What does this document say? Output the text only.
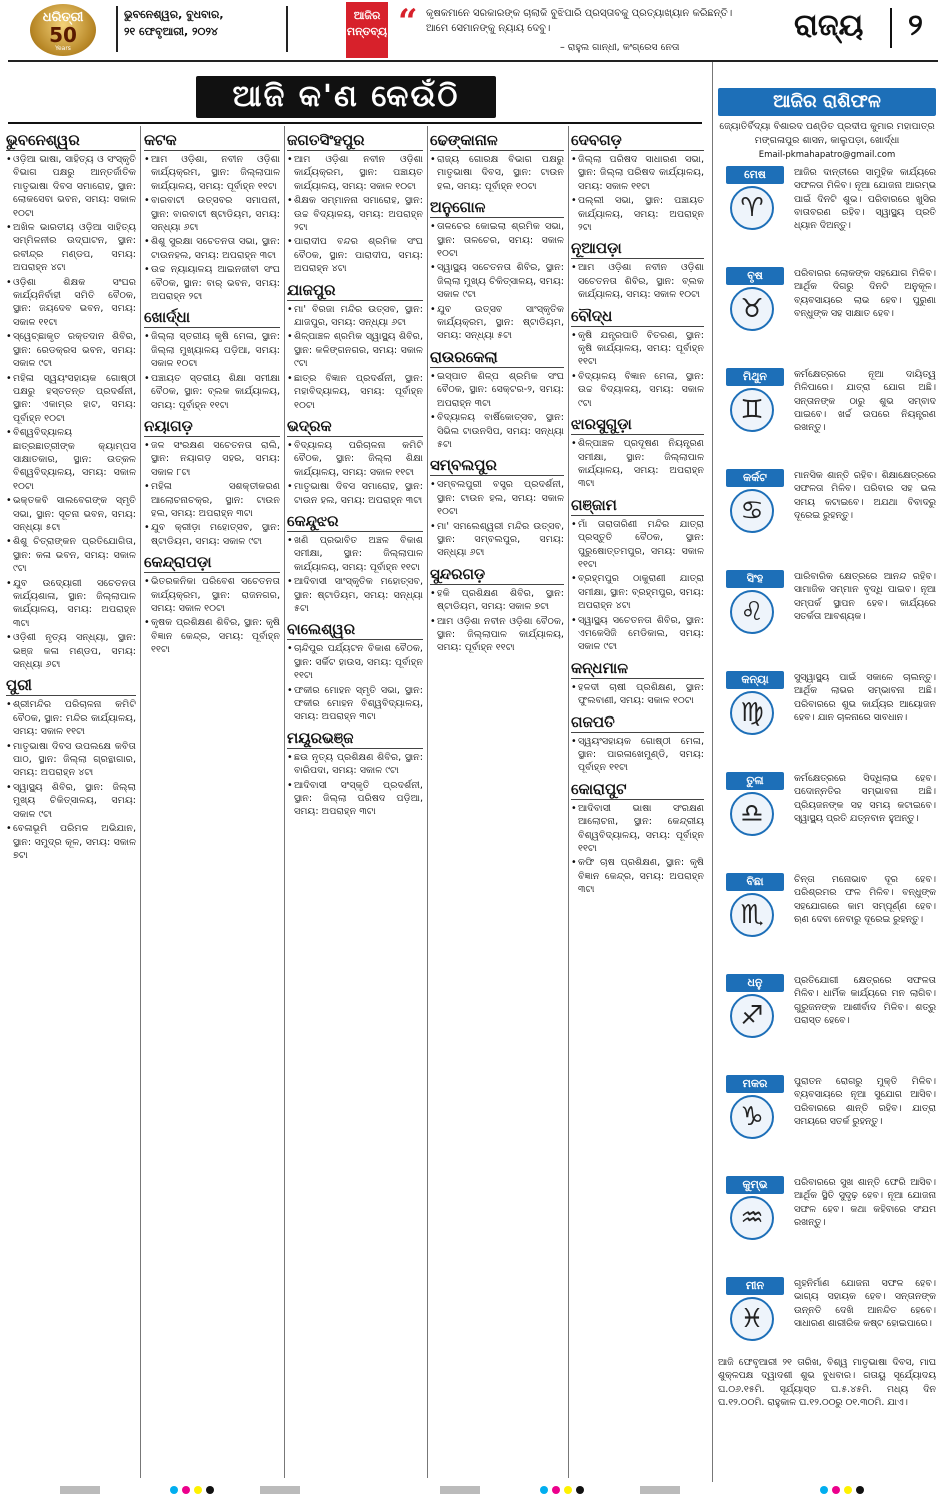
ଧରିତ୍ରୀ
50
Years
ଭୁବନେଶ୍ୱର, ବୁଧବାର,
୨୧ ଫେବୃଆରୀ, ୨୦୨୪
ଆଜିର
ମନ୍ତବ୍ୟ “ କୃଷକମାନେ ସରକାରଙ୍କ ଚାଲାକି ବୁଝିପାରି ପ୍ରସ୍ତାବକୁ ପ୍ରତ୍ୟାଖ୍ୟାନ କରିଛନ୍ତି। ଆମେ ସେମାନଙ୍କୁ ନ୍ୟାୟ ଦେବୁ।
– ରାହୁଲ ଗାନ୍ଧୀ, କଂଗ୍ରେସ ନେତା
ରାଜ୍ୟ ୨
ଆଜି କ'ଣ କେଉଁଠି
ଭୁବନେଶ୍ୱର
• ଓଡ଼ିଆ ଭାଷା, ସାହିତ୍ୟ ଓ ସଂସ୍କୃତି ବିଭାଗ ପକ୍ଷରୁ ଆନ୍ତର୍ଜାତିକ ମାତୃଭାଷା ଦିବସ ସମାରୋହ, ସ୍ଥାନ: ଲୋକସେବା ଭବନ, ସମୟ: ସକାଳ ୧୦ଟା
• ଅଖିଳ ଭାରତୀୟ ଓଡ଼ିଆ ସାହିତ୍ୟ ସମ୍ମିଳନୀର ଉଦ୍‌ଘାଟନ, ସ୍ଥାନ: ରବୀନ୍ଦ୍ର ମଣ୍ଡପ, ସମୟ: ଅପରାହ୍ନ ୪ଟା
• ଓଡ଼ିଶା ଶିକ୍ଷକ ସଂଘର କାର୍ଯ୍ୟନିର୍ବାହୀ ସମିତି ବୈଠକ, ସ୍ଥାନ: ଜୟଦେବ ଭବନ, ସମୟ: ସକାଳ ୧୧ଟା
• ସ୍ୱେଚ୍ଛାକୃତ ରକ୍ତଦାନ ଶିବିର, ସ୍ଥାନ: ରେଡକ୍ରସ ଭବନ, ସମୟ: ସକାଳ ୯ଟା
• ମହିଳା ସ୍ୱୟଂସହାୟକ ଗୋଷ୍ଠୀ ପକ୍ଷରୁ ହସ୍ତତନ୍ତ ପ୍ରଦର୍ଶନୀ, ସ୍ଥାନ: ଏକାମ୍ର ହାଟ, ସମୟ: ପୂର୍ବାହ୍ନ ୧୦ଟା
• ବିଶ୍ୱବିଦ୍ୟାଳୟ ଛାତ୍ରଛାତ୍ରୀଙ୍କ କ୍ୟାମ୍ପସ ସାକ୍ଷାତକାର, ସ୍ଥାନ: ଉତ୍କଳ ବିଶ୍ୱବିଦ୍ୟାଳୟ, ସମୟ: ସକାଳ ୧୦ଟା
• ଭକ୍ତକବି ସାଲବେଗଙ୍କ ସ୍ମୃତି ସଭା, ସ୍ଥାନ: ସୂଚନା ଭବନ, ସମୟ: ସନ୍ଧ୍ୟା ୫ଟା
• ଶିଶୁ ଚିତ୍ରାଙ୍କନ ପ୍ରତିଯୋଗିତା, ସ୍ଥାନ: କଳା ଭବନ, ସମୟ: ସକାଳ ୯ଟା
• ଯୁବ ଉଦ୍ୟୋଗୀ ସଚେତନତା କାର୍ଯ୍ୟଶାଳା, ସ୍ଥାନ: ଜିଲ୍ଲାପାଳ କାର୍ଯ୍ୟାଳୟ, ସମୟ: ଅପରାହ୍ନ ୩ଟା
• ଓଡ଼ିଶୀ ନୃତ୍ୟ ସନ୍ଧ୍ୟା, ସ୍ଥାନ: ଭଞ୍ଜ କଳା ମଣ୍ଡପ, ସମୟ: ସନ୍ଧ୍ୟା ୬ଟା
ପୁରୀ
• ଶ୍ରୀମନ୍ଦିର ପରିଚାଳନା କମିଟି ବୈଠକ, ସ୍ଥାନ: ମନ୍ଦିର କାର୍ଯ୍ୟାଳୟ, ସମୟ: ସକାଳ ୧୧ଟା
• ମାତୃଭାଷା ଦିବସ ଉପଲକ୍ଷେ କବିତା ପାଠ, ସ୍ଥାନ: ଜିଲ୍ଲା ଗ୍ରନ୍ଥାଗାର, ସମୟ: ଅପରାହ୍ନ ୪ଟା
• ସ୍ୱାସ୍ଥ୍ୟ ଶିବିର, ସ୍ଥାନ: ଜିଲ୍ଲା ମୁଖ୍ୟ ଚିକିତ୍ସାଳୟ, ସମୟ: ସକାଳ ୯ଟା
• ବେଳାଭୂମି ପରିମଳ ଅଭିଯାନ, ସ୍ଥାନ: ସମୁଦ୍ର କୂଳ, ସମୟ: ସକାଳ ୭ଟା
କଟକ
• ଆମ ଓଡ଼ିଶା, ନବୀନ ଓଡ଼ିଶା କାର୍ଯ୍ୟକ୍ରମ, ସ୍ଥାନ: ଜିଲ୍ଲାପାଳ କାର୍ଯ୍ୟାଳୟ, ସମୟ: ପୂର୍ବାହ୍ନ ୧୧ଟା
• ବାରବାଟୀ ଉତ୍ସବର ସମାପନୀ, ସ୍ଥାନ: ବାରବାଟୀ ଷ୍ଟାଡିୟମ, ସମୟ: ସନ୍ଧ୍ୟା ୬ଟା
• ଶିଶୁ ସୁରକ୍ଷା ସଚେତନତା ସଭା, ସ୍ଥାନ: ଟାଉନହଲ, ସମୟ: ଅପରାହ୍ନ ୩ଟା
• ଉଚ୍ଚ ନ୍ୟାୟାଳୟ ଆଇନଜୀବୀ ସଂଘ ବୈଠକ, ସ୍ଥାନ: ବାର୍ ଭବନ, ସମୟ: ଅପରାହ୍ନ ୨ଟା
ଖୋର୍ଦ୍ଧା
• ଜିଲ୍ଲା ସ୍ତରୀୟ କୃଷି ମେଳା, ସ୍ଥାନ: ଜିଲ୍ଲା ମୁଖ୍ୟାଳୟ ପଡ଼ିଆ, ସମୟ: ସକାଳ ୧୦ଟା
• ପଞ୍ଚାୟତ ସ୍ତରୀୟ ଶିକ୍ଷା ସମୀକ୍ଷା ବୈଠକ, ସ୍ଥାନ: ବ୍ଲକ କାର୍ଯ୍ୟାଳୟ, ସମୟ: ପୂର୍ବାହ୍ନ ୧୧ଟା
ନୟାଗଡ଼
• ଜଳ ସଂରକ୍ଷଣ ସଚେତନତା ରାଲି, ସ୍ଥାନ: ନୟାଗଡ଼ ସହର, ସମୟ: ସକାଳ ୮ଟା
• ମହିଳା ସଶକ୍ତୀକରଣ ଆଲୋଚନାଚକ୍ର, ସ୍ଥାନ: ଟାଉନ ହଲ, ସମୟ: ଅପରାହ୍ନ ୩ଟା
• ଯୁବ କ୍ରୀଡ଼ା ମହୋତ୍ସବ, ସ୍ଥାନ: ଷ୍ଟାଡିୟମ, ସମୟ: ସକାଳ ୯ଟା
କେନ୍ଦ୍ରାପଡ଼ା
• ଭିତରକନିକା ପରିବେଶ ସଚେତନତା କାର୍ଯ୍ୟକ୍ରମ, ସ୍ଥାନ: ରାଜନଗର, ସମୟ: ସକାଳ ୧୦ଟା
• କୃଷକ ପ୍ରଶିକ୍ଷଣ ଶିବିର, ସ୍ଥାନ: କୃଷି ବିଜ୍ଞାନ କେନ୍ଦ୍ର, ସମୟ: ପୂର୍ବାହ୍ନ ୧୧ଟା
ଜଗତସିଂହପୁର
• ଆମ ଓଡ଼ିଶା ନବୀନ ଓଡ଼ିଶା କାର୍ଯ୍ୟକ୍ରମ, ସ୍ଥାନ: ପଞ୍ଚାୟତ କାର୍ଯ୍ୟାଳୟ, ସମୟ: ସକାଳ ୧୦ଟା
• ଶିକ୍ଷକ ସମ୍ମାନନା ସମାରୋହ, ସ୍ଥାନ: ଉଚ୍ଚ ବିଦ୍ୟାଳୟ, ସମୟ: ଅପରାହ୍ନ ୨ଟା
• ପାରାଦୀପ ବନ୍ଦର ଶ୍ରମିକ ସଂଘ ବୈଠକ, ସ୍ଥାନ: ପାରାଦୀପ, ସମୟ: ଅପରାହ୍ନ ୪ଟା
ଯାଜପୁର
• ମା' ବିରଜା ମନ୍ଦିର ଉତ୍ସବ, ସ୍ଥାନ: ଯାଜପୁର, ସମୟ: ସନ୍ଧ୍ୟା ୬ଟା
• ଶିଳ୍ପାଞ୍ଚଳ ଶ୍ରମିକ ସ୍ୱାସ୍ଥ୍ୟ ଶିବିର, ସ୍ଥାନ: କଳିଙ୍ଗନଗର, ସମୟ: ସକାଳ ୯ଟା
• ଛାତ୍ର ବିଜ୍ଞାନ ପ୍ରଦର୍ଶନୀ, ସ୍ଥାନ: ମହାବିଦ୍ୟାଳୟ, ସମୟ: ପୂର୍ବାହ୍ନ ୧୦ଟା
ଭଦ୍ରକ
• ବିଦ୍ୟାଳୟ ପରିଚାଳନା କମିଟି ବୈଠକ, ସ୍ଥାନ: ଜିଲ୍ଲା ଶିକ୍ଷା କାର୍ଯ୍ୟାଳୟ, ସମୟ: ସକାଳ ୧୧ଟା
• ମାତୃଭାଷା ଦିବସ ସମାରୋହ, ସ୍ଥାନ: ଟାଉନ ହଲ, ସମୟ: ଅପରାହ୍ନ ୩ଟା
କେନ୍ଦୁଝର
• ଖଣି ପ୍ରଭାବିତ ଅଞ୍ଚଳ ବିକାଶ ସମୀକ୍ଷା, ସ୍ଥାନ: ଜିଲ୍ଲାପାଳ କାର୍ଯ୍ୟାଳୟ, ସମୟ: ପୂର୍ବାହ୍ନ ୧୧ଟା
• ଆଦିବାସୀ ସାଂସ୍କୃତିକ ମହୋତ୍ସବ, ସ୍ଥାନ: ଷ୍ଟାଡିୟମ, ସମୟ: ସନ୍ଧ୍ୟା ୫ଟା
ବାଲେଶ୍ୱର
• ଚାନ୍ଦିପୁର ପର୍ଯ୍ୟଟନ ବିକାଶ ବୈଠକ, ସ୍ଥାନ: ସର୍କିଟ ହାଉସ, ସମୟ: ପୂର୍ବାହ୍ନ ୧୧ଟା
• ଫକୀର ମୋହନ ସ୍ମୃତି ସଭା, ସ୍ଥାନ: ଫକୀର ମୋହନ ବିଶ୍ୱବିଦ୍ୟାଳୟ, ସମୟ: ଅପରାହ୍ନ ୩ଟା
ମୟୂରଭଞ୍ଜ
• ଛଉ ନୃତ୍ୟ ପ୍ରଶିକ୍ଷଣ ଶିବିର, ସ୍ଥାନ: ବାରିପଦା, ସମୟ: ସକାଳ ୯ଟା
• ଆଦିବାସୀ ସଂସ୍କୃତି ପ୍ରଦର୍ଶନୀ, ସ୍ଥାନ: ଜିଲ୍ଲା ପରିଷଦ ପଡ଼ିଆ, ସମୟ: ଅପରାହ୍ନ ୩ଟା
ଢେଙ୍କାନାଳ
• ରାଜ୍ୟ ଗୋରକ୍ଷ ବିଭାଗ ପକ୍ଷରୁ ମାତୃଭାଷା ଦିବସ, ସ୍ଥାନ: ଟାଉନ ହଲ, ସମୟ: ପୂର୍ବାହ୍ନ ୧୦ଟା
ଅନୁଗୋଳ
• ତାଳଚେର କୋଇଲା ଶ୍ରମିକ ସଭା, ସ୍ଥାନ: ତାଳଚେର, ସମୟ: ସକାଳ ୧୦ଟା
• ସ୍ୱାସ୍ଥ୍ୟ ସଚେତନତା ଶିବିର, ସ୍ଥାନ: ଜିଲ୍ଲା ମୁଖ୍ୟ ଚିକିତ୍ସାଳୟ, ସମୟ: ସକାଳ ୯ଟା
• ଯୁବ ଉତ୍ସବ ସାଂସ୍କୃତିକ କାର୍ଯ୍ୟକ୍ରମ, ସ୍ଥାନ: ଷ୍ଟାଡିୟମ, ସମୟ: ସନ୍ଧ୍ୟା ୫ଟା
ରାଉରକେଲା
• ଇସ୍ପାତ ଶିଳ୍ପ ଶ୍ରମିକ ସଂଘ ବୈଠକ, ସ୍ଥାନ: ସେକ୍ଟର-୨, ସମୟ: ଅପରାହ୍ନ ୩ଟା
• ବିଦ୍ୟାଳୟ ବାର୍ଷିକୋତ୍ସବ, ସ୍ଥାନ: ସିଭିଲ ଟାଉନସିପ, ସମୟ: ସନ୍ଧ୍ୟା ୫ଟା
ସମ୍ବଲପୁର
• ସମ୍ବଲପୁରୀ ବସ୍ତ୍ର ପ୍ରଦର୍ଶନୀ, ସ୍ଥାନ: ଟାଉନ ହଲ, ସମୟ: ସକାଳ ୧୦ଟା
• ମା' ସମଲେଶ୍ୱରୀ ମନ୍ଦିର ଉତ୍ସବ, ସ୍ଥାନ: ସମ୍ବଲପୁର, ସମୟ: ସନ୍ଧ୍ୟା ୬ଟା
ସୁନ୍ଦରଗଡ଼
• ହକି ପ୍ରଶିକ୍ଷଣ ଶିବିର, ସ୍ଥାନ: ଷ୍ଟାଡିୟମ, ସମୟ: ସକାଳ ୭ଟା
• ଆମ ଓଡ଼ିଶା ନବୀନ ଓଡ଼ିଶା ବୈଠକ, ସ୍ଥାନ: ଜିଲ୍ଲାପାଳ କାର୍ଯ୍ୟାଳୟ, ସମୟ: ପୂର୍ବାହ୍ନ ୧୧ଟା
ଦେବଗଡ଼
• ଜିଲ୍ଲା ପରିଷଦ ସାଧାରଣ ସଭା, ସ୍ଥାନ: ଜିଲ୍ଲା ପରିଷଦ କାର୍ଯ୍ୟାଳୟ, ସମୟ: ସକାଳ ୧୧ଟା
• ପଲ୍ଲୀ ସଭା, ସ୍ଥାନ: ପଞ୍ଚାୟତ କାର୍ଯ୍ୟାଳୟ, ସମୟ: ଅପରାହ୍ନ ୨ଟା
ନୂଆପଡ଼ା
• ଆମ ଓଡ଼ିଶା ନବୀନ ଓଡ଼ିଶା ସଚେତନତା ଶିବିର, ସ୍ଥାନ: ବ୍ଲକ କାର୍ଯ୍ୟାଳୟ, ସମୟ: ସକାଳ ୧୦ଟା
ବୌଦ୍ଧ
• କୃଷି ଯନ୍ତ୍ରପାତି ବିତରଣ, ସ୍ଥାନ: କୃଷି କାର୍ଯ୍ୟାଳୟ, ସମୟ: ପୂର୍ବାହ୍ନ ୧୧ଟା
• ବିଦ୍ୟାଳୟ ବିଜ୍ଞାନ ମେଳା, ସ୍ଥାନ: ଉଚ୍ଚ ବିଦ୍ୟାଳୟ, ସମୟ: ସକାଳ ୯ଟା
ଝାରସୁଗୁଡ଼ା
• ଶିଳ୍ପାଞ୍ଚଳ ପ୍ରଦୂଷଣ ନିୟନ୍ତ୍ରଣ ସମୀକ୍ଷା, ସ୍ଥାନ: ଜିଲ୍ଲାପାଳ କାର୍ଯ୍ୟାଳୟ, ସମୟ: ଅପରାହ୍ନ ୩ଟା
ଗଞ୍ଜାମ
• ମାଁ ତାରାତାରିଣୀ ମନ୍ଦିର ଯାତ୍ରା ପ୍ରସ୍ତୁତି ବୈଠକ, ସ୍ଥାନ: ପୁରୁଷୋତ୍ତମପୁର, ସମୟ: ସକାଳ ୧୧ଟା
• ବ୍ରହ୍ମପୁର ଠାକୁରାଣୀ ଯାତ୍ରା ସମୀକ୍ଷା, ସ୍ଥାନ: ବ୍ରହ୍ମପୁର, ସମୟ: ଅପରାହ୍ନ ୪ଟା
• ସ୍ୱାସ୍ଥ୍ୟ ସଚେତନତା ଶିବିର, ସ୍ଥାନ: ଏମକେସିଜି ମେଡିକାଲ, ସମୟ: ସକାଳ ୯ଟା
କନ୍ଧମାଳ
• ହଳଦୀ ଚାଷୀ ପ୍ରଶିକ୍ଷଣ, ସ୍ଥାନ: ଫୁଲବାଣୀ, ସମୟ: ସକାଳ ୧୦ଟା
ଗଜପତି
• ସ୍ୱୟଂସହାୟକ ଗୋଷ୍ଠୀ ମେଳା, ସ୍ଥାନ: ପାରଳାଖେମୁଣ୍ଡି, ସମୟ: ପୂର୍ବାହ୍ନ ୧୧ଟା
କୋରାପୁଟ
• ଆଦିବାସୀ ଭାଷା ସଂରକ୍ଷଣ ଆଲୋଚନା, ସ୍ଥାନ: କେନ୍ଦ୍ରୀୟ ବିଶ୍ୱବିଦ୍ୟାଳୟ, ସମୟ: ପୂର୍ବାହ୍ନ ୧୧ଟା
• କଫି ଚାଷ ପ୍ରଶିକ୍ଷଣ, ସ୍ଥାନ: କୃଷି ବିଜ୍ଞାନ କେନ୍ଦ୍ର, ସମୟ: ଅପରାହ୍ନ ୩ଟା
ଆଜିର ରାଶିଫଳ
ଜ୍ୟୋତିର୍ବିଦ୍ୟା ବିଶାରଦ ପଣ୍ଡିତ ପ୍ରଦୀପ କୁମାର ମହାପାତ୍ର
ମଙ୍ଗଳାପୁର ଶାସନ, କାଲୁପଡ଼ା, ଖୋର୍ଦ୍ଧା
Email-pkmahapatro@gmail.com
ମେଷ
♈
ଆଜିର ଦାନ୍ତୀରେ ସାମୁହିକ କାର୍ଯ୍ୟରେ ସଫଳତା ମିଳିବ। ନୂଆ ଯୋଜନା ଆରମ୍ଭ ପାଇଁ ଦିନଟି ଶୁଭ। ପରିବାରରେ ଖୁସିର ବାତାବରଣ ରହିବ। ସ୍ୱାସ୍ଥ୍ୟ ପ୍ରତି ଧ୍ୟାନ ଦିଅନ୍ତୁ।
ବୃଷ
♉
ପରିବାରର ଲୋକଙ୍କ ସହଯୋଗ ମିଳିବ। ଆର୍ଥିକ ଦିଗରୁ ଦିନଟି ଅନୁକୂଳ। ବ୍ୟବସାୟରେ ଲାଭ ହେବ। ପୁରୁଣା ବନ୍ଧୁଙ୍କ ସହ ସାକ୍ଷାତ ହେବ।
ମିଥୁନ
♊
କର୍ମକ୍ଷେତ୍ରରେ ନୂଆ ଦାୟିତ୍ୱ ମିଳିପାରେ। ଯାତ୍ରା ଯୋଗ ଅଛି। ସନ୍ତାନଙ୍କ ଠାରୁ ଶୁଭ ସମ୍ବାଦ ପାଇବେ। ଖର୍ଚ୍ଚ ଉପରେ ନିୟନ୍ତ୍ରଣ ରଖନ୍ତୁ।
କର୍କଟ
♋
ମାନସିକ ଶାନ୍ତି ରହିବ। ଶିକ୍ଷାକ୍ଷେତ୍ରରେ ସଫଳତା ମିଳିବ। ପରିବାର ସହ ଭଲ ସମୟ କଟାଇବେ। ଅଯଥା ବିବାଦରୁ ଦୂରେଇ ରୁହନ୍ତୁ।
ସିଂହ
♌
ପାରିବାରିକ କ୍ଷେତ୍ରରେ ଆନନ୍ଦ ରହିବ। ସାମାଜିକ ସମ୍ମାନ ବୃଦ୍ଧି ପାଇବ। ନୂଆ ସମ୍ପର୍କ ସ୍ଥାପନ ହେବ। କାର୍ଯ୍ୟରେ ସତର୍କତା ଆବଶ୍ୟକ।
କନ୍ୟା
♍
ସୁସ୍ୱାସ୍ଥ୍ୟ ପାଇଁ ସକାଳେ ଚାଲନ୍ତୁ। ଆର୍ଥିକ ଲାଭର ସମ୍ଭାବନା ଅଛି। ପରିବାରରେ ଶୁଭ କାର୍ଯ୍ୟର ଆୟୋଜନ ହେବ। ଯାନ ଚାଳନାରେ ସାବଧାନ।
ତୁଳା
♎
କର୍ମକ୍ଷେତ୍ରରେ ସିଦ୍ଧିଲାଭ ହେବ। ପଦୋନ୍ନତିର ସମ୍ଭାବନା ଅଛି। ପ୍ରିୟଜନଙ୍କ ସହ ସମୟ କଟାଇବେ। ସ୍ୱାସ୍ଥ୍ୟ ପ୍ରତି ଯତ୍ନବାନ ହୁଅନ୍ତୁ।
ବିଛା
♏
ଚିନ୍ତା ମନୋଭାବ ଦୂର ହେବ। ପରିଶ୍ରମର ଫଳ ମିଳିବ। ବନ୍ଧୁଙ୍କ ସହଯୋଗରେ କାମ ସମ୍ପୂର୍ଣ୍ଣ ହେବ। ଋଣ ଦେବା ନେବାରୁ ଦୂରେଇ ରୁହନ୍ତୁ।
ଧନୁ
♐
ପ୍ରତିଯୋଗୀ କ୍ଷେତ୍ରରେ ସଫଳତା ମିଳିବ। ଧାର୍ମିକ କାର୍ଯ୍ୟରେ ମନ ଲାଗିବ। ଗୁରୁଜନଙ୍କ ଆଶୀର୍ବାଦ ମିଳିବ। ଶତ୍ରୁ ପରାସ୍ତ ହେବେ।
ମକର
♑
ପୁରାତନ ରୋଗରୁ ମୁକ୍ତି ମିଳିବ। ବ୍ୟବସାୟରେ ନୂଆ ସୁଯୋଗ ଆସିବ। ପରିବାରରେ ଶାନ୍ତି ରହିବ। ଯାତ୍ରା ସମୟରେ ସତର୍କ ରୁହନ୍ତୁ।
କୁମ୍ଭ
♒
ପରିବାରରେ ସୁଖ ଶାନ୍ତି ଫେରି ଆସିବ। ଆର୍ଥିକ ସ୍ଥିତି ସୁଦୃଢ଼ ହେବ। ନୂଆ ଯୋଜନା ସଫଳ ହେବ। କଥା କହିବାରେ ସଂଯମ ରଖନ୍ତୁ।
ମୀନ
♓
ଗୃହନିର୍ମାଣ ଯୋଜନା ସଫଳ ହେବ। ଭାଗ୍ୟ ସହାୟକ ହେବ। ସନ୍ତାନଙ୍କ ଉନ୍ନତି ଦେଖି ଆନନ୍ଦିତ ହେବେ। ସାଧାରଣ ଶାରୀରିକ କଷ୍ଟ ହୋଇପାରେ।
ଆଜି ଫେବୃଆରୀ ୨୧ ତାରିଖ, ବିଶ୍ୱ ମାତୃଭାଷା ଦିବସ, ମାଘ ଶୁକ୍ଳପକ୍ଷ ଦ୍ୱାଦଶୀ ଶୁଭ ବୁଧବାର। ଗତାୟୁ ସୂର୍ଯ୍ୟୋଦୟ ଘ.୦୬.୧୫ମି. ସୂର୍ଯ୍ୟାସ୍ତ ଘ.୫.୪୫ମି. ମଧ୍ୟ ଦିନ ଘ.୧୨.୦୦ମି. ରାହୁକାଳ ଘ.୧୨.୦୦ରୁ ୦୧.୩୦ମି. ଯାଏ।
